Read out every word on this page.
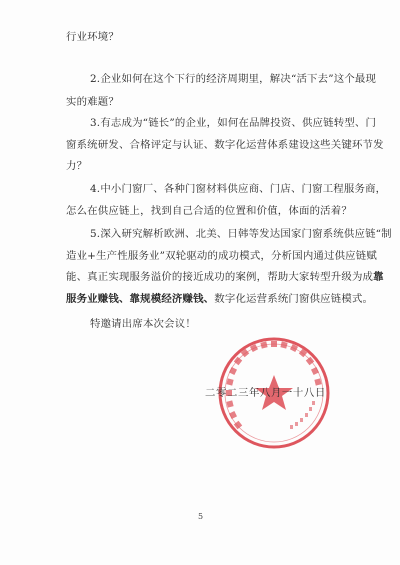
行业环境？
2.企业如何在这个下行的经济周期里，解决“活下去”这个最现
实的难题？
3.有志成为“链长”的企业，如何在品牌投资、供应链转型、门
窗系统研发、合格评定与认证、数字化运营体系建设这些关键环节发
力？
4.中小门窗厂、各种门窗材料供应商、门店、门窗工程服务商，
怎么在供应链上，找到自己合适的位置和价值，体面的活着？
5.深入研究解析欧洲、北美、日韩等发达国家门窗系统供应链“制
造业+生产性服务业”双轮驱动的成功模式，分析国内通过供应链赋
能、真正实现服务溢价的接近成功的案例，帮助大家转型升级为成靠
服务业赚钱、靠规模经济赚钱、数字化运营系统门窗供应链模式。
特邀请出席本次会议！
二零二三年八月一十八日
5
